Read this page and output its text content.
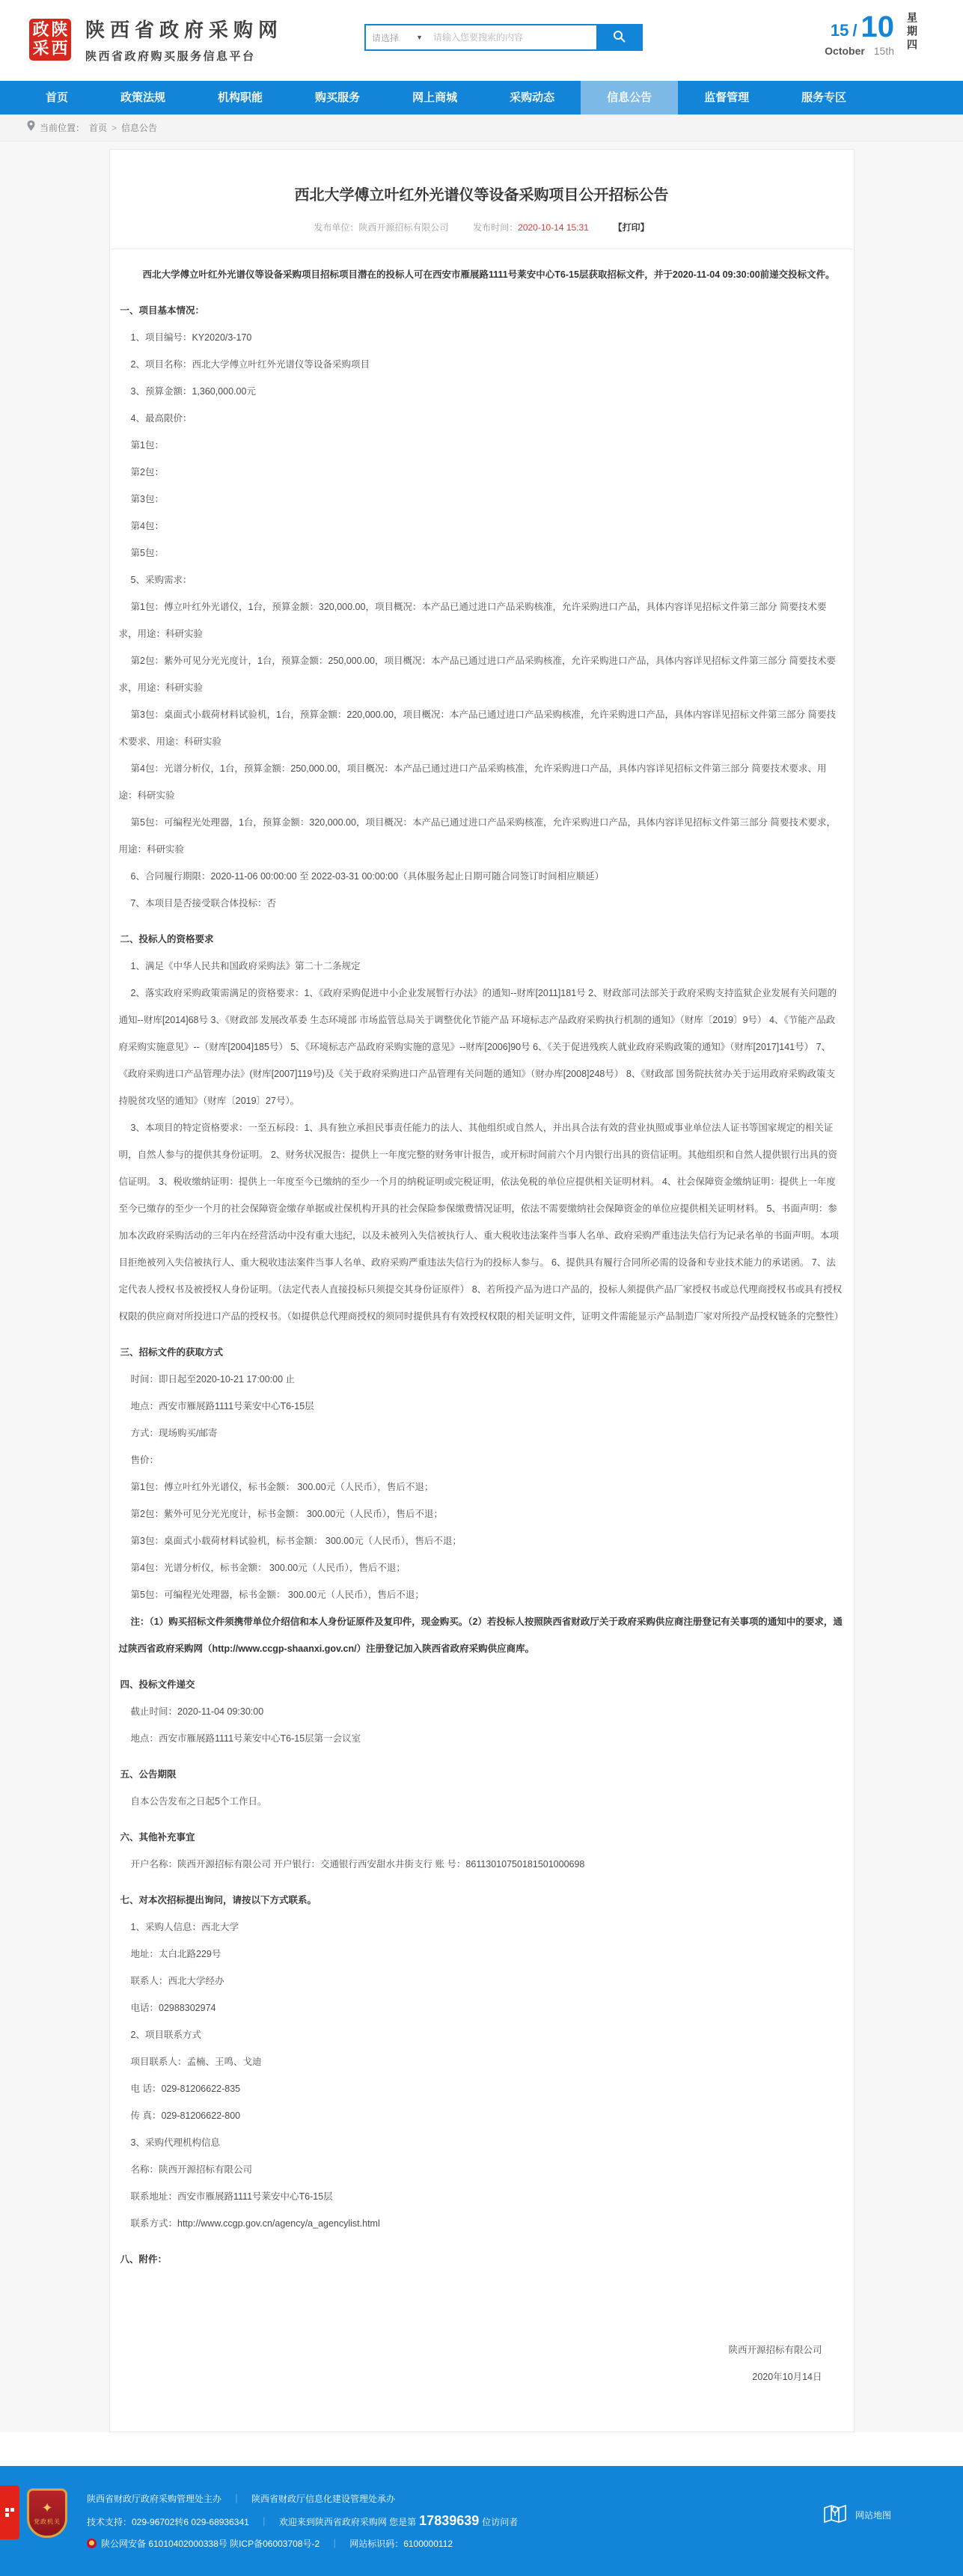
政 陕
采 西
陕西省政府采购网
陕西省政府购买服务信息平台
请选择	▼
请输入您要搜索的内容	15 / 10
October 15th 星期四
首页	政策法规	机构职能	购买服务	网上商城	采购动态	信息公告	监督管理	服务专区
当前位置： 首页 > 信息公告
西北大学傅立叶红外光谱仪等设备采购项目公开招标公告
发布单位：陕西开源招标有限公司	发布时间：2020-10-14 15:31	【打印】

西北大学傅立叶红外光谱仪等设备采购项目招标项目潜在的投标人可在西安市雁展路1111号莱安中心T6-15层获取招标文件，并于2020-11-04 09:30:00前递交投标文件。

一、项目基本情况：

1、项目编号：KY2020/3-170

2、项目名称：西北大学傅立叶红外光谱仪等设备采购项目

3、预算金额：1,360,000.00元

4、最高限价：

第1包：

第2包：

第3包：

第4包：

第5包：

5、采购需求：

第1包：傅立叶红外光谱仪，1台，预算金额：320,000.00，项目概况：本产品已通过进口产品采购核准，允许采购进口产品，具体内容详见招标文件第三部分 简要技术要求，用途：科研实验

第2包：紫外可见分光光度计，1台，预算金额：250,000.00，项目概况：本产品已通过进口产品采购核准，允许采购进口产品，具体内容详见招标文件第三部分 简要技术要求，用途：科研实验

第3包：桌面式小载荷材料试验机，1台，预算金额：220,000.00，项目概况：本产品已通过进口产品采购核准，允许采购进口产品，具体内容详见招标文件第三部分 简要技术要求、用途：科研实验

第4包：光谱分析仪，1台，预算金额：250,000.00，项目概况：本产品已通过进口产品采购核准，允许采购进口产品，具体内容详见招标文件第三部分 简要技术要求、用途：科研实验

第5包：可编程光处理器，1台，预算金额：320,000.00，项目概况：本产品已通过进口产品采购核准，允许采购进口产品，具体内容详见招标文件第三部分 简要技术要求，用途：科研实验

6、合同履行期限：2020-11-06 00:00:00 至 2022-03-31 00:00:00（具体服务起止日期可随合同签订时间相应顺延）

7、本项目是否接受联合体投标：否

二、投标人的资格要求

1、满足《中华人民共和国政府采购法》第二十二条规定

2、落实政府采购政策需满足的资格要求：1、《政府采购促进中小企业发展暂行办法》的通知--财库[2011]181号 2、财政部司法部关于政府采购支持监狱企业发展有关问题的通知--财库[2014]68号 3、《财政部 发展改革委 生态环境部 市场监管总局关于调整优化节能产品 环境标志产品政府采购执行机制的通知》（财库〔2019〕9号） 4、《节能产品政府采购实施意见》--（财库[2004]185号） 5、《环境标志产品政府采购实施的意见》--财库[2006]90号 6、《关于促进残疾人就业政府采购政策的通知》（财库[2017]141号） 7、《政府采购进口产品管理办法》(财库[2007]119号)及《关于政府采购进口产品管理有关问题的通知》（财办库[2008]248号） 8、《财政部 国务院扶贫办关于运用政府采购政策支持脱贫攻坚的通知》（财库〔2019〕27号）。

3、本项目的特定资格要求：一至五标段：1、具有独立承担民事责任能力的法人、其他组织或自然人，并出具合法有效的营业执照或事业单位法人证书等国家规定的相关证明，自然人参与的提供其身份证明。 2、财务状况报告：提供上一年度完整的财务审计报告，或开标时间前六个月内银行出具的资信证明。其他组织和自然人提供银行出具的资信证明。 3、税收缴纳证明：提供上一年度至今已缴纳的至少一个月的纳税证明或完税证明，依法免税的单位应提供相关证明材料。 4、社会保障资金缴纳证明：提供上一年度至今已缴存的至少一个月的社会保障资金缴存单据或社保机构开具的社会保险参保缴费情况证明，依法不需要缴纳社会保障资金的单位应提供相关证明材料。 5、书面声明：参加本次政府采购活动的三年内在经营活动中没有重大违纪，以及未被列入失信被执行人、重大税收违法案件当事人名单、政府采购严重违法失信行为记录名单的书面声明。本项目拒绝被列入失信被执行人、重大税收违法案件当事人名单、政府采购严重违法失信行为的投标人参与。 6、提供具有履行合同所必需的设备和专业技术能力的承诺函。 7、法定代表人授权书及被授权人身份证明。（法定代表人直接投标只须提交其身份证原件） 8、若所投产品为进口产品的，投标人须提供产品厂家授权书或总代理商授权书或具有授权权限的供应商对所投进口产品的授权书。（如提供总代理商授权的须同时提供具有有效授权权限的相关证明文件，证明文件需能显示产品制造厂家对所投产品授权链条的完整性）

三、招标文件的获取方式

时间：即日起至2020-10-21 17:00:00 止

地点：西安市雁展路1111号莱安中心T6-15层

方式：现场购买/邮寄

售价：

第1包：傅立叶红外光谱仪，标书金额： 300.00元（人民币），售后不退；

第2包：紫外可见分光光度计，标书金额： 300.00元（人民币），售后不退；

第3包：桌面式小载荷材料试验机，标书金额： 300.00元（人民币），售后不退；

第4包：光谱分析仪，标书金额： 300.00元（人民币），售后不退；

第5包：可编程光处理器，标书金额： 300.00元（人民币），售后不退；

注：（1）购买招标文件须携带单位介绍信和本人身份证原件及复印件，现金购买。（2）若投标人按照陕西省财政厅关于政府采购供应商注册登记有关事项的通知中的要求，通过陕西省政府采购网（http://www.ccgp-shaanxi.gov.cn/）注册登记加入陕西省政府采购供应商库。

四、投标文件递交

截止时间：2020-11-04 09:30:00

地点：西安市雁展路1111号莱安中心T6-15层第一会议室

五、公告期限

自本公告发布之日起5个工作日。

六、其他补充事宜

开户名称：陕西开源招标有限公司 开户银行：交通银行西安甜水井街支行 账 号：86113010750181501000698

七、对本次招标提出询问，请按以下方式联系。

1、采购人信息：西北大学

地址：太白北路229号

联系人：西北大学经办

电话：02988302974

2、项目联系方式

项目联系人：孟楠、王鸣、戈迪

电 话：029-81206622-835

传 真：029-81206622-800

3、采购代理机构信息

名称：陕西开源招标有限公司

联系地址：西安市雁展路1111号莱安中心T6-15层

联系方式：http://www.ccgp.gov.cn/agency/a_agencylist.html

八、附件：

陕西开源招标有限公司
2020年10月14日
✦
党政机关
陕西省财政厅政府采购管理处主办 ｜ 陕西省财政厅信息化建设管理处承办
技术支持：029-96702转6 029-68936341 ｜ 欢迎来到陕西省政府采购网 您是第 17839639 位访问者
陕公网安备 61010402000338号 陕ICP备06003708号-2 ｜ 网站标识码：6100000112
网站地图
